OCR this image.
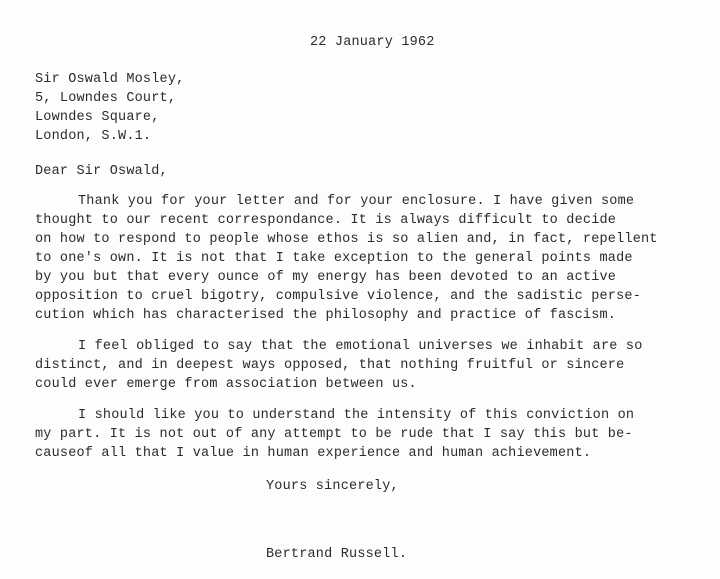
22 January 1962
Sir Oswald Mosley,
5, Lowndes Court,
Lowndes Square,
London, S.W.1.
Dear Sir Oswald,
Thank you for your letter and for your enclosure. I have given some
thought to our recent correspondance. It is always difficult to decide
on how to respond to people whose ethos is so alien and, in fact, repellent
to one's own. It is not that I take exception to the general points made
by you but that every ounce of my energy has been devoted to an active
opposition to cruel bigotry, compulsive violence, and the sadistic perse-
cution which has characterised the philosophy and practice of fascism.
I feel obliged to say that the emotional universes we inhabit are so
distinct, and in deepest ways opposed, that nothing fruitful or sincere
could ever emerge from association between us.
I should like you to understand the intensity of this conviction on
my part. It is not out of any attempt to be rude that I say this but be-
causeof all that I value in human experience and human achievement.
Yours sincerely,
Bertrand Russell.
